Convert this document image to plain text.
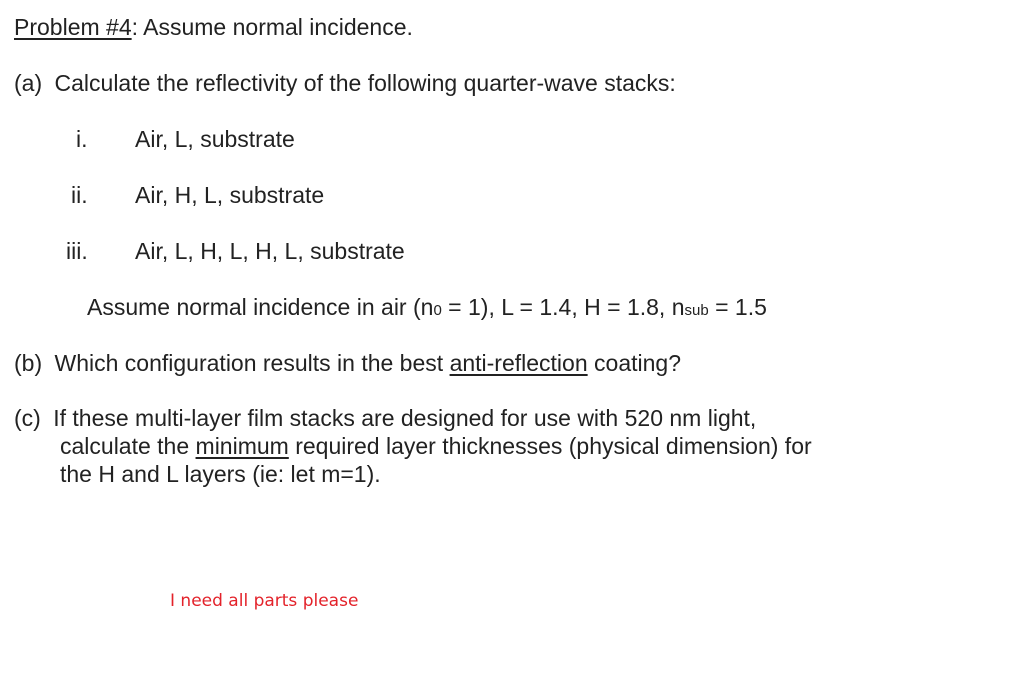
Problem #4: Assume normal incidence.
(a) Calculate the reflectivity of the following quarter-wave stacks:
i. Air, L, substrate
ii. Air, H, L, substrate
iii. Air, L, H, L, H, L, substrate
Assume normal incidence in air (n0 = 1), L = 1.4, H = 1.8, nsub = 1.5
(b) Which configuration results in the best anti-reflection coating?
(c) If these multi-layer film stacks are designed for use with 520 nm light,
calculate the minimum required layer thicknesses (physical dimension) for
the H and L layers (ie: let m=1).
I need all parts please
